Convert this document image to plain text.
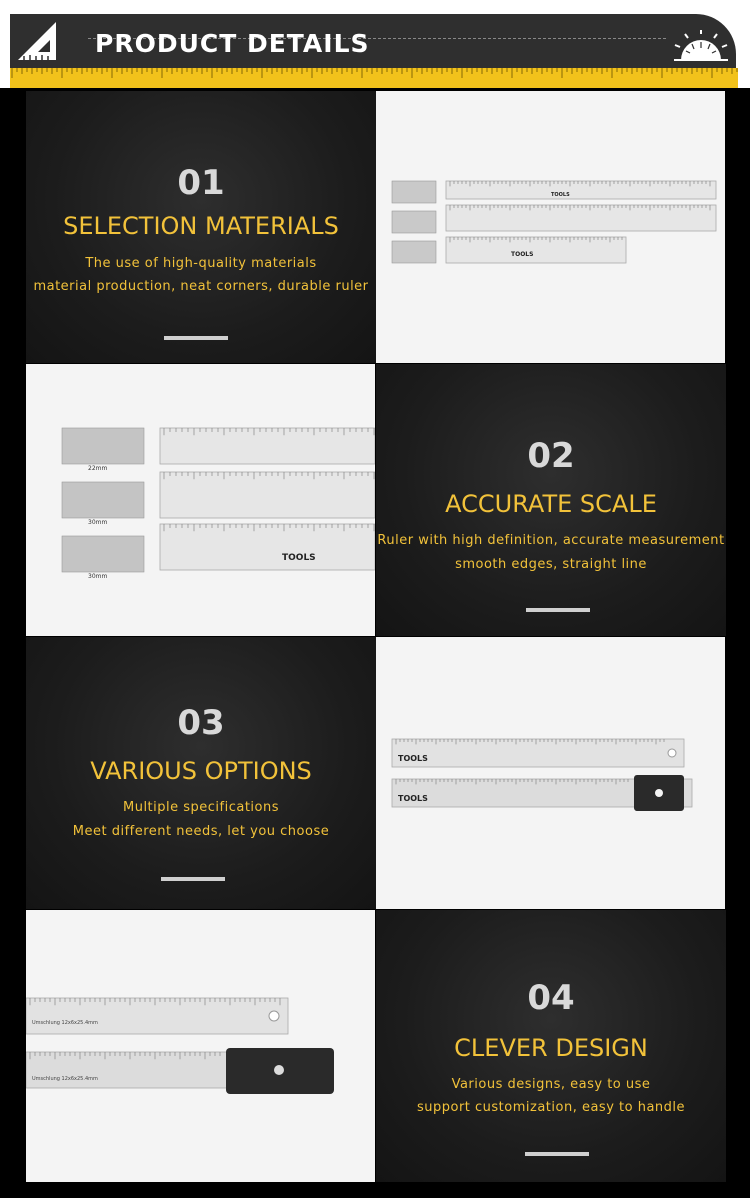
PRODUCT DETAILS
01
SELECTION MATERIALS
The use of high-quality materials
material production, neat corners, durable ruler
TOOLS
TOOLS
22mm
30mm
30mm
TOOLS
02
ACCURATE SCALE
Ruler with high definition, accurate measurement
smooth edges, straight line
03
VARIOUS OPTIONS
Multiple specifications
Meet different needs, let you choose
TOOLS
TOOLS
Umschlung 12x6x25.4mm
Umschlung 12x6x25.4mm
04
CLEVER DESIGN
Various designs, easy to use
support customization, easy to handle
